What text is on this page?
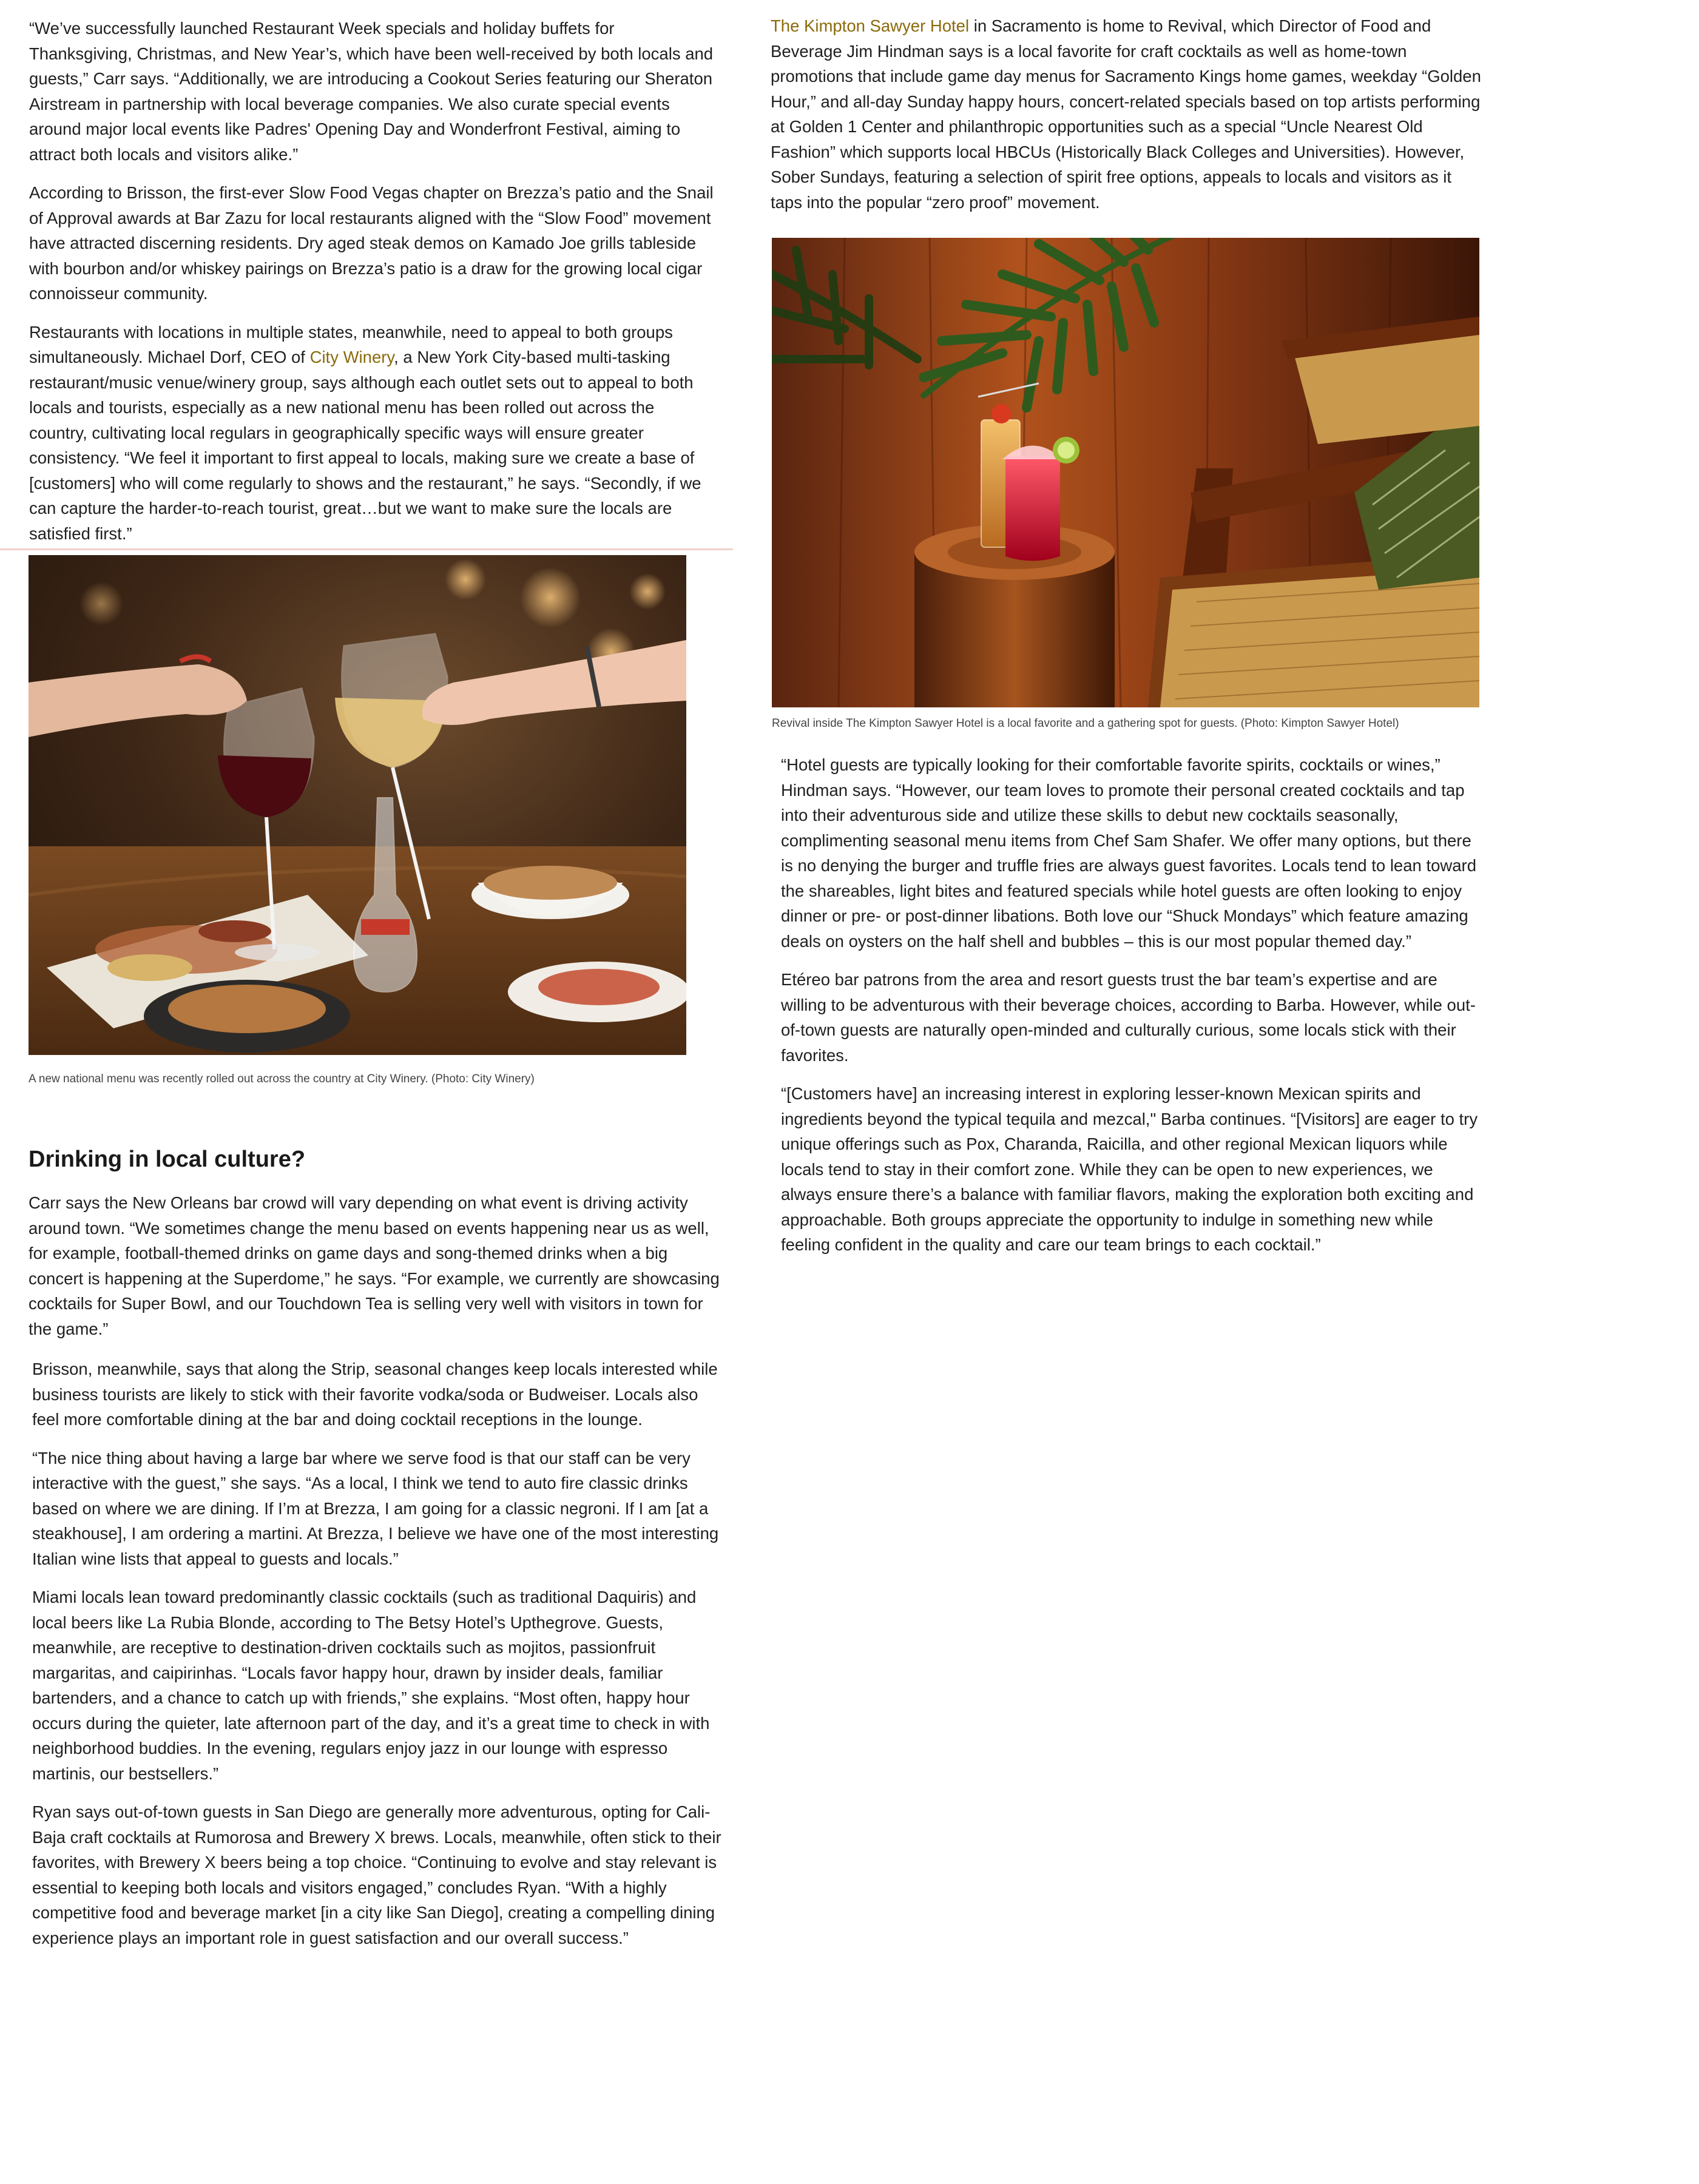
“We’ve successfully launched Restaurant Week specials and holiday buffets for Thanksgiving, Christmas, and New Year’s, which have been well-received by both locals and guests,” Carr says. “Additionally, we are introducing a Cookout Series featuring our Sheraton Airstream in partnership with local beverage companies. We also curate special events around major local events like Padres' Opening Day and Wonderfront Festival, aiming to attract both locals and visitors alike.”

According to Brisson, the first-ever Slow Food Vegas chapter on Brezza’s patio and the Snail of Approval awards at Bar Zazu for local restaurants aligned with the “Slow Food” movement have attracted discerning residents. Dry aged steak demos on Kamado Joe grills tableside with bourbon and/or whiskey pairings on Brezza’s patio is a draw for the growing local cigar connoisseur community.

Restaurants with locations in multiple states, meanwhile, need to appeal to both groups simultaneously. Michael Dorf, CEO of City Winery, a New York City-based multi-tasking restaurant/music venue/winery group, says although each outlet sets out to appeal to both locals and tourists, especially as a new national menu has been rolled out across the country, cultivating local regulars in geographically specific ways will ensure greater consistency. “We feel it important to first appeal to locals, making sure we create a base of [customers] who will come regularly to shows and the restaurant,” he says. “Secondly, if we can capture the harder-to-reach tourist, great…but we want to make sure the locals are satisfied first.”

A new national menu was recently rolled out across the country at City Winery. (Photo: City Winery)
Drinking in local culture?

Carr says the New Orleans bar crowd will vary depending on what event is driving activity around town. “We sometimes change the menu based on events happening near us as well, for example, football-themed drinks on game days and song-themed drinks when a big concert is happening at the Superdome,” he says. “For example, we currently are showcasing cocktails for Super Bowl, and our Touchdown Tea is selling very well with visitors in town for the game.”

Brisson, meanwhile, says that along the Strip, seasonal changes keep locals interested while business tourists are likely to stick with their favorite vodka/soda or Budweiser. Locals also feel more comfortable dining at the bar and doing cocktail receptions in the lounge.

“The nice thing about having a large bar where we serve food is that our staff can be very interactive with the guest,” she says. “As a local, I think we tend to auto fire classic drinks based on where we are dining. If I’m at Brezza, I am going for a classic negroni. If I am [at a steakhouse], I am ordering a martini. At Brezza, I believe we have one of the most interesting Italian wine lists that appeal to guests and locals.”

Miami locals lean toward predominantly classic cocktails (such as traditional Daquiris) and local beers like La Rubia Blonde, according to The Betsy Hotel’s Upthegrove. Guests, meanwhile, are receptive to destination-driven cocktails such as mojitos, passionfruit margaritas, and caipirinhas. “Locals favor happy hour, drawn by insider deals, familiar bartenders, and a chance to catch up with friends,” she explains. “Most often, happy hour occurs during the quieter, late afternoon part of the day, and it’s a great time to check in with neighborhood buddies. In the evening, regulars enjoy jazz in our lounge with espresso martinis, our bestsellers.”

Ryan says out-of-town guests in San Diego are generally more adventurous, opting for Cali-Baja craft cocktails at Rumorosa and Brewery X brews. Locals, meanwhile, often stick to their favorites, with Brewery X beers being a top choice. “Continuing to evolve and stay relevant is essential to keeping both locals and visitors engaged,” concludes Ryan. “With a highly competitive food and beverage market [in a city like San Diego], creating a compelling dining experience plays an important role in guest satisfaction and our overall success.”

The Kimpton Sawyer Hotel in Sacramento is home to Revival, which Director of Food and Beverage Jim Hindman says is a local favorite for craft cocktails as well as home-town promotions that include game day menus for Sacramento Kings home games, weekday “Golden Hour,” and all-day Sunday happy hours, concert-related specials based on top artists performing at Golden 1 Center and philanthropic opportunities such as a special “Uncle Nearest Old Fashion” which supports local HBCUs (Historically Black Colleges and Universities). However, Sober Sundays, featuring a selection of spirit free options, appeals to locals and visitors as it taps into the popular “zero proof” movement.

Revival inside The Kimpton Sawyer Hotel is a local favorite and a gathering spot for guests. (Photo: Kimpton Sawyer Hotel)

“Hotel guests are typically looking for their comfortable favorite spirits, cocktails or wines,” Hindman says. “However, our team loves to promote their personal created cocktails and tap into their adventurous side and utilize these skills to debut new cocktails seasonally, complimenting seasonal menu items from Chef Sam Shafer. We offer many options, but there is no denying the burger and truffle fries are always guest favorites. Locals tend to lean toward the shareables, light bites and featured specials while hotel guests are often looking to enjoy dinner or pre- or post-dinner libations. Both love our “Shuck Mondays” which feature amazing deals on oysters on the half shell and bubbles – this is our most popular themed day.”

Etéreo bar patrons from the area and resort guests trust the bar team’s expertise and are willing to be adventurous with their beverage choices, according to Barba. However, while out-of-town guests are naturally open-minded and culturally curious, some locals stick with their favorites.

“[Customers have] an increasing interest in exploring lesser-known Mexican spirits and ingredients beyond the typical tequila and mezcal," Barba continues. “[Visitors] are eager to try unique offerings such as Pox, Charanda, Raicilla, and other regional Mexican liquors while locals tend to stay in their comfort zone. While they can be open to new experiences, we always ensure there’s a balance with familiar flavors, making the exploration both exciting and approachable. Both groups appreciate the opportunity to indulge in something new while feeling confident in the quality and care our team brings to each cocktail.”
